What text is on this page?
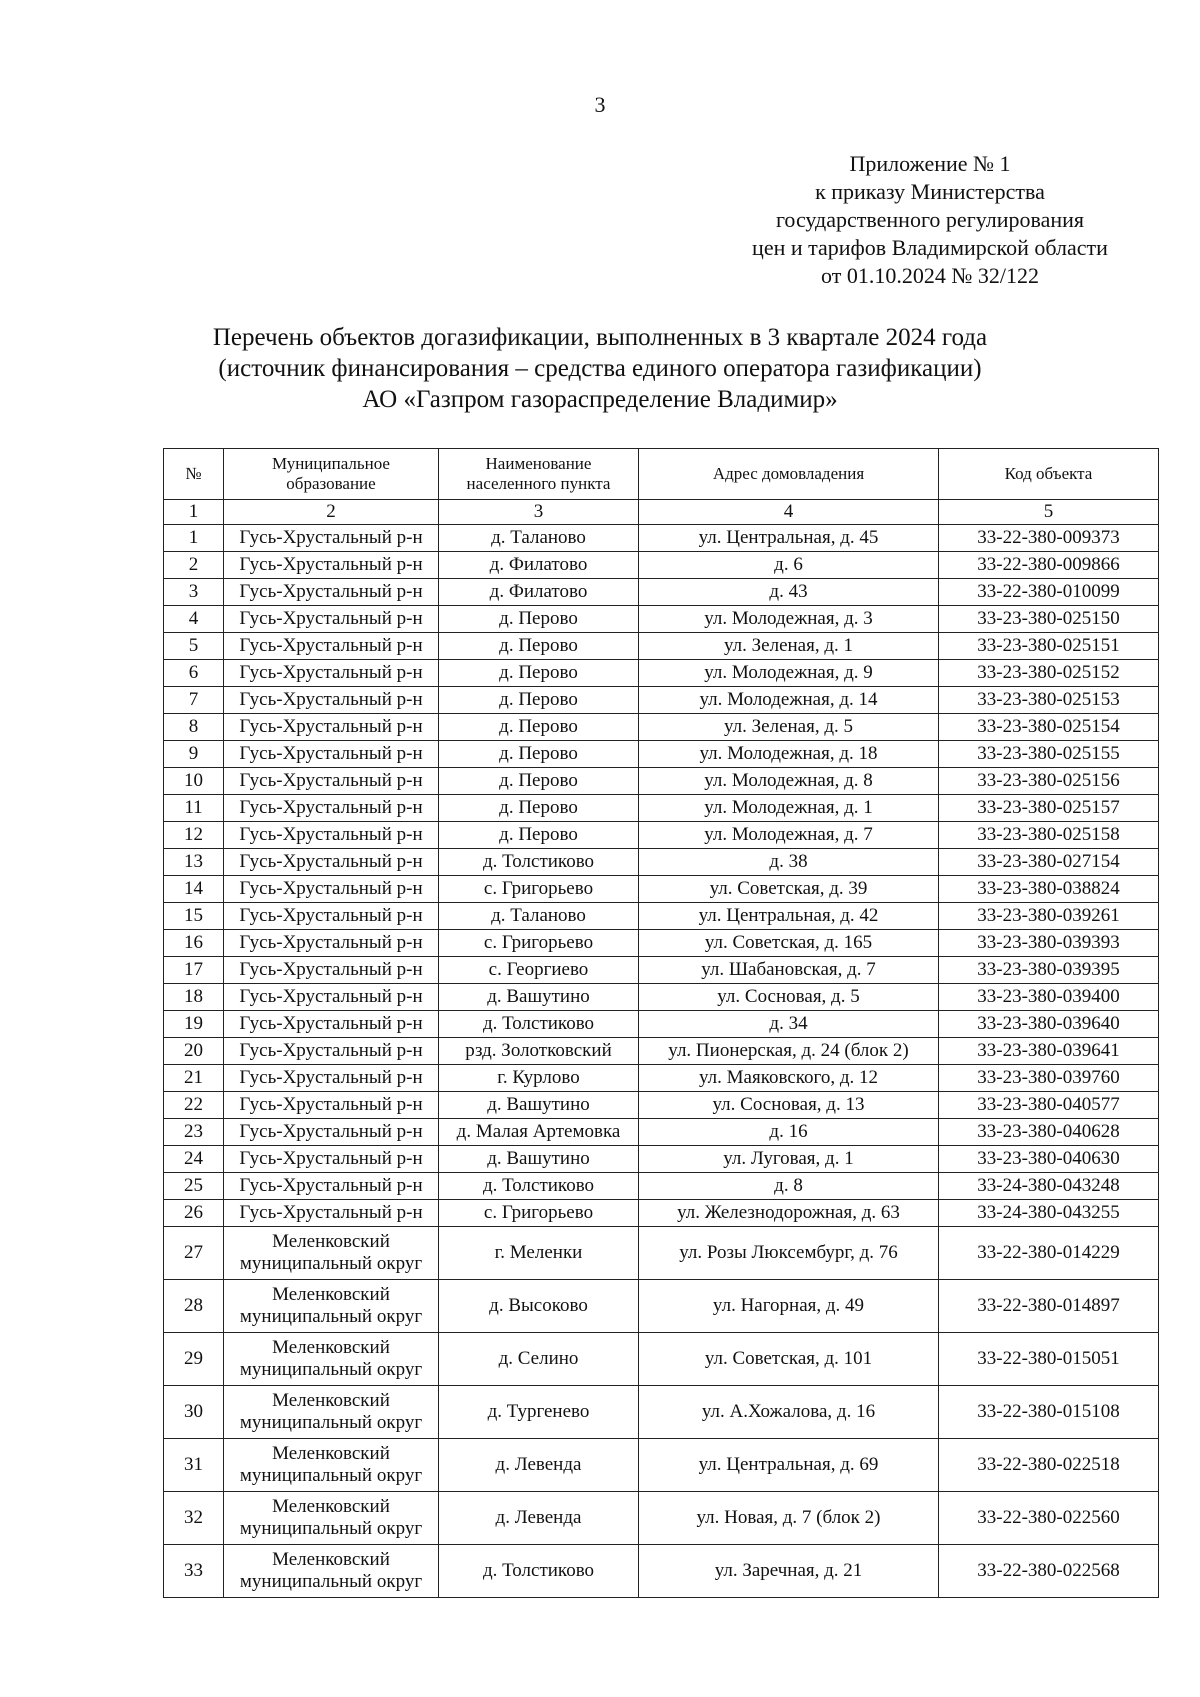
3
Приложение № 1
к приказу Министерства
государственного регулирования
цен и тарифов Владимирской области
от 01.10.2024 № 32/122
Перечень объектов догазификации, выполненных в 3 квартале 2024 года
(источник финансирования – средства единого оператора газификации)
АО «Газпром газораспределение Владимир»
№	Муниципальное образование	Наименование населенного пункта	Адрес домовладения	Код объекта
1	2	3	4	5
1	Гусь-Хрустальный р-н	д. Таланово	ул. Центральная, д. 45	33-22-380-009373
2	Гусь-Хрустальный р-н	д. Филатово	д. 6	33-22-380-009866
3	Гусь-Хрустальный р-н	д. Филатово	д. 43	33-22-380-010099
4	Гусь-Хрустальный р-н	д. Перово	ул. Молодежная, д. 3	33-23-380-025150
5	Гусь-Хрустальный р-н	д. Перово	ул. Зеленая, д. 1	33-23-380-025151
6	Гусь-Хрустальный р-н	д. Перово	ул. Молодежная, д. 9	33-23-380-025152
7	Гусь-Хрустальный р-н	д. Перово	ул. Молодежная, д. 14	33-23-380-025153
8	Гусь-Хрустальный р-н	д. Перово	ул. Зеленая, д. 5	33-23-380-025154
9	Гусь-Хрустальный р-н	д. Перово	ул. Молодежная, д. 18	33-23-380-025155
10	Гусь-Хрустальный р-н	д. Перово	ул. Молодежная, д. 8	33-23-380-025156
11	Гусь-Хрустальный р-н	д. Перово	ул. Молодежная, д. 1	33-23-380-025157
12	Гусь-Хрустальный р-н	д. Перово	ул. Молодежная, д. 7	33-23-380-025158
13	Гусь-Хрустальный р-н	д. Толстиково	д. 38	33-23-380-027154
14	Гусь-Хрустальный р-н	с. Григорьево	ул. Советская, д. 39	33-23-380-038824
15	Гусь-Хрустальный р-н	д. Таланово	ул. Центральная, д. 42	33-23-380-039261
16	Гусь-Хрустальный р-н	с. Григорьево	ул. Советская, д. 165	33-23-380-039393
17	Гусь-Хрустальный р-н	с. Георгиево	ул. Шабановская, д. 7	33-23-380-039395
18	Гусь-Хрустальный р-н	д. Вашутино	ул. Сосновая, д. 5	33-23-380-039400
19	Гусь-Хрустальный р-н	д. Толстиково	д. 34	33-23-380-039640
20	Гусь-Хрустальный р-н	рзд. Золотковский	ул. Пионерская, д. 24 (блок 2)	33-23-380-039641
21	Гусь-Хрустальный р-н	г. Курлово	ул. Маяковского, д. 12	33-23-380-039760
22	Гусь-Хрустальный р-н	д. Вашутино	ул. Сосновая, д. 13	33-23-380-040577
23	Гусь-Хрустальный р-н	д. Малая Артемовка	д. 16	33-23-380-040628
24	Гусь-Хрустальный р-н	д. Вашутино	ул. Луговая, д. 1	33-23-380-040630
25	Гусь-Хрустальный р-н	д. Толстиково	д. 8	33-24-380-043248
26	Гусь-Хрустальный р-н	с. Григорьево	ул. Железнодорожная, д. 63	33-24-380-043255
27	Меленковский муниципальный округ	г. Меленки	ул. Розы Люксембург, д. 76	33-22-380-014229
28	Меленковский муниципальный округ	д. Высоково	ул. Нагорная, д. 49	33-22-380-014897
29	Меленковский муниципальный округ	д. Селино	ул. Советская, д. 101	33-22-380-015051
30	Меленковский муниципальный округ	д. Тургенево	ул. А.Хожалова, д. 16	33-22-380-015108
31	Меленковский муниципальный округ	д. Левенда	ул. Центральная, д. 69	33-22-380-022518
32	Меленковский муниципальный округ	д. Левенда	ул. Новая, д. 7 (блок 2)	33-22-380-022560
33	Меленковский муниципальный округ	д. Толстиково	ул. Заречная, д. 21	33-22-380-022568
